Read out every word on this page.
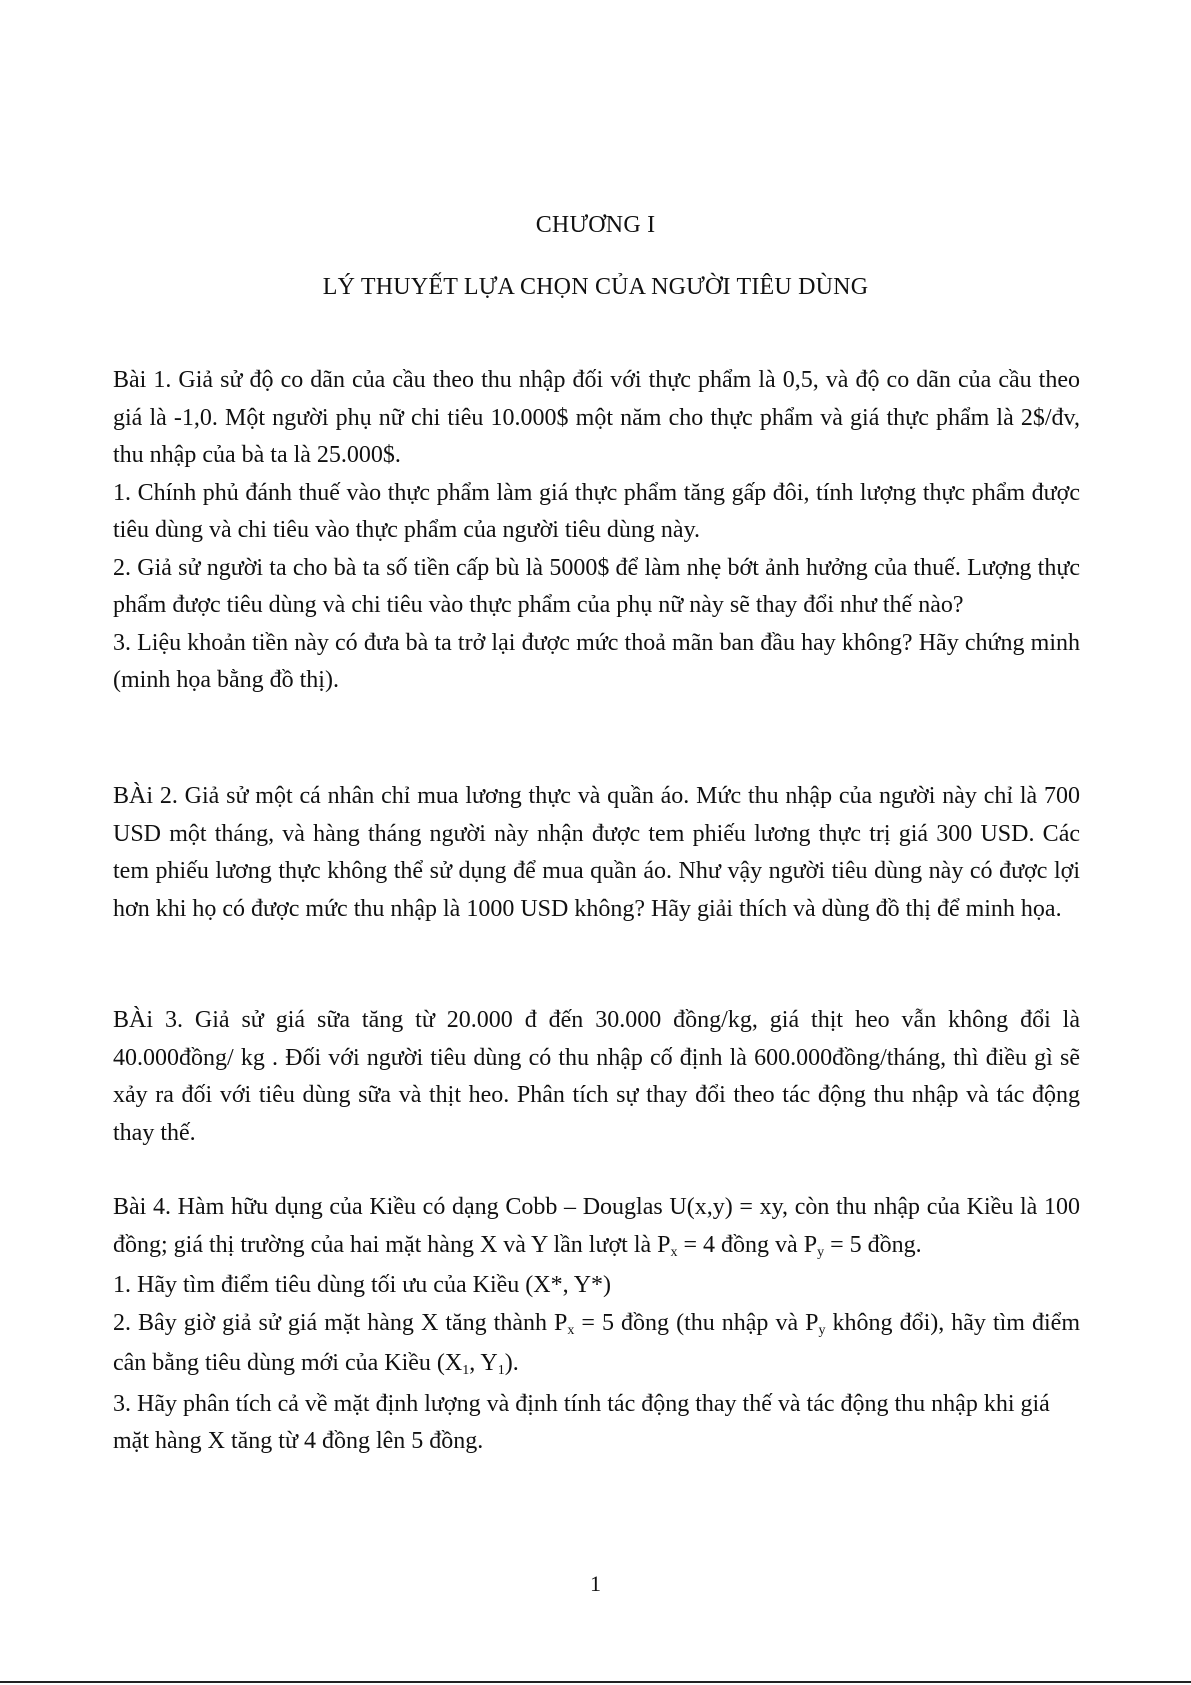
CHƯƠNG I
LÝ THUYẾT LỰA CHỌN CỦA NGƯỜI TIÊU DÙNG

Bài 1. Giả sử độ co dãn của cầu theo thu nhập đối với thực phẩm là 0,5, và độ co dãn của cầu theo giá là -1,0. Một người phụ nữ chi tiêu 10.000$ một năm cho thực phẩm và giá thực phẩm là 2$/đv, thu nhập của bà ta là 25.000$.

1. Chính phủ đánh thuế vào thực phẩm làm giá thực phẩm tăng gấp đôi, tính lượng thực phẩm được tiêu dùng và chi tiêu vào thực phẩm của người tiêu dùng này.

2. Giả sử người ta cho bà ta số tiền cấp bù là 5000$ để làm nhẹ bớt ảnh hưởng của thuế. Lượng thực phẩm được tiêu dùng và chi tiêu vào thực phẩm của phụ nữ này sẽ thay đổi như thế nào?

3. Liệu khoản tiền này có đưa bà ta trở lại được mức thoả mãn ban đầu hay không? Hãy chứng minh (minh họa bằng đồ thị).

BÀi 2. Giả sử một cá nhân chỉ mua lương thực và quần áo. Mức thu nhập của người này chỉ là 700 USD một tháng, và hàng tháng người này nhận được tem phiếu lương thực trị giá 300 USD. Các tem phiếu lương thực không thể sử dụng để mua quần áo. Như vậy người tiêu dùng này có được lợi hơn khi họ có được mức thu nhập là 1000 USD không? Hãy giải thích và dùng đồ thị để minh họa.

BÀi 3. Giả sử giá sữa tăng từ 20.000 đ đến 30.000 đồng/kg, giá thịt heo vẫn không đổi là 40.000đồng/ kg . Đối với người tiêu dùng có thu nhập cố định là 600.000đồng/tháng, thì điều gì sẽ xảy ra đối với tiêu dùng sữa và thịt heo. Phân tích sự thay đổi theo tác động thu nhập và tác động thay thế.

Bài 4. Hàm hữu dụng của Kiều có dạng Cobb – Douglas U(x,y) = xy, còn thu nhập của Kiều là 100 đồng; giá thị trường của hai mặt hàng X và Y lần lượt là Px = 4 đồng và Py = 5 đồng.

1. Hãy tìm điểm tiêu dùng tối ưu của Kiều (X*, Y*)

2. Bây giờ giả sử giá mặt hàng X tăng thành Px = 5 đồng (thu nhập và Py không đổi), hãy tìm điểm cân bằng tiêu dùng mới của Kiều (X1, Y1).

3. Hãy phân tích cả về mặt định lượng và định tính tác động thay thế và tác động thu nhập khi giá mặt hàng X tăng từ 4 đồng lên 5 đồng.

1
